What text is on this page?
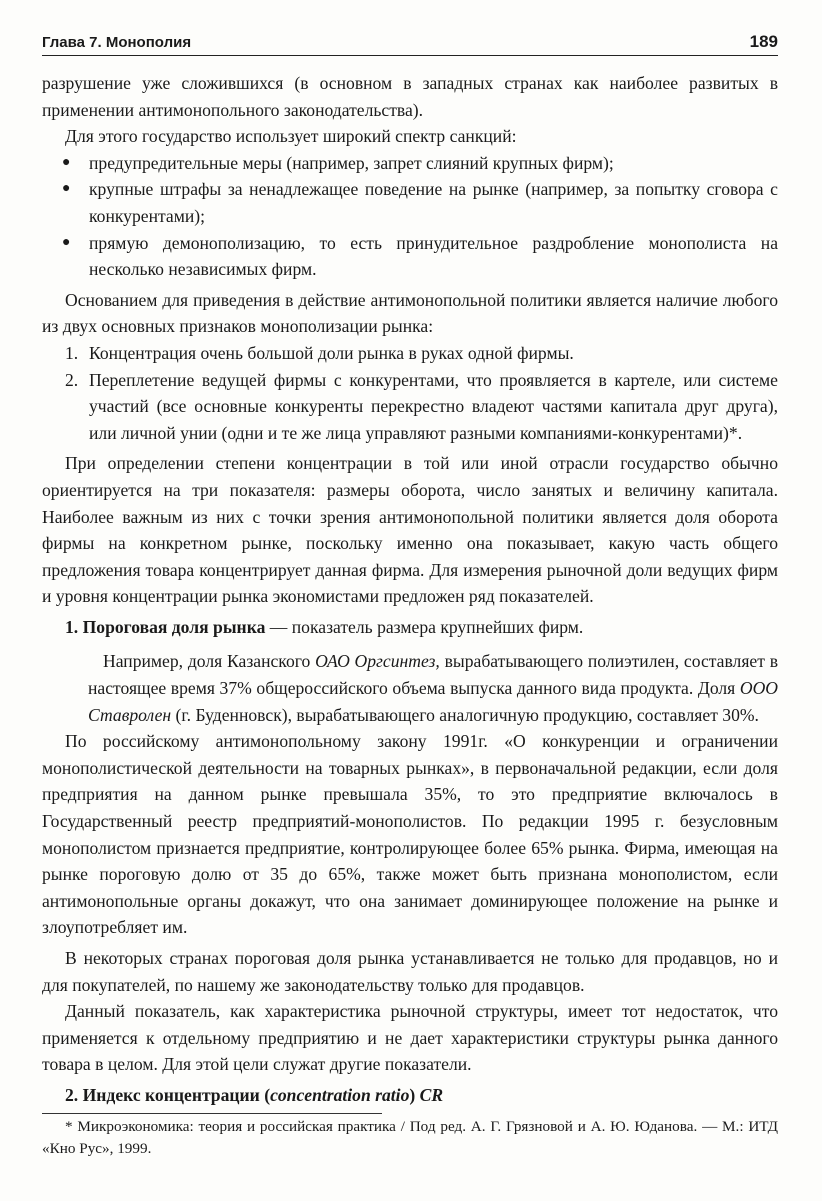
Глава 7. Монополия	189

разрушение уже сложившихся (в основном в западных странах как наиболее развитых в применении антимонопольного законодательства).

Для этого государство использует широкий спектр санкций:

● предупредительные меры (например, запрет слияний крупных фирм);
● крупные штрафы за ненадлежащее поведение на рынке (например, за попытку сговора с конкурентами);
● прямую демонополизацию, то есть принудительное раздробление монополиста на несколько независимых фирм.

Основанием для приведения в действие антимонопольной политики является наличие любого из двух основных признаков монополизации рынка:

1. Концентрация очень большой доли рынка в руках одной фирмы.
2. Переплетение ведущей фирмы с конкурентами, что проявляется в картеле, или системе участий (все основные конкуренты перекрестно владеют частями капитала друг друга), или личной унии (одни и те же лица управляют разными компаниями-конкурентами)*.

При определении степени концентрации в той или иной отрасли государство обычно ориентируется на три показателя: размеры оборота, число занятых и величину капитала. Наиболее важным из них с точки зрения антимонопольной политики является доля оборота фирмы на конкретном рынке, поскольку именно она показывает, какую часть общего предложения товара концентрирует данная фирма. Для измерения рыночной доли ведущих фирм и уровня концентрации рынка экономистами предложен ряд показателей.

1. Пороговая доля рынка — показатель размера крупнейших фирм.

Например, доля Казанского ОАО Оргсинтез, вырабатывающего полиэтилен, составляет в настоящее время 37% общероссийского объема выпуска данного вида продукта. Доля ООО Ставролен (г. Буденновск), вырабатывающего аналогичную продукцию, составляет 30%.

По российскому антимонопольному закону 1991г. «О конкуренции и ограничении монополистической деятельности на товарных рынках», в первоначальной редакции, если доля предприятия на данном рынке превышала 35%, то это предприятие включалось в Государственный реестр предприятий-монополистов. По редакции 1995 г. безусловным монополистом признается предприятие, контролирующее более 65% рынка. Фирма, имеющая на рынке пороговую долю от 35 до 65%, также может быть признана монополистом, если антимонопольные органы докажут, что она занимает доминирующее положение на рынке и злоупотребляет им.

В некоторых странах пороговая доля рынка устанавливается не только для продавцов, но и для покупателей, по нашему же законодательству только для продавцов.

Данный показатель, как характеристика рыночной структуры, имеет тот недостаток, что применяется к отдельному предприятию и не дает характеристики структуры рынка данного товара в целом. Для этой цели служат другие показатели.

2. Индекс концентрации (concentration ratio) CR

* Микроэкономика: теория и российская практика / Под ред. А. Г. Грязновой и А. Ю. Юданова. — М.: ИТД «Кно Рус», 1999.
